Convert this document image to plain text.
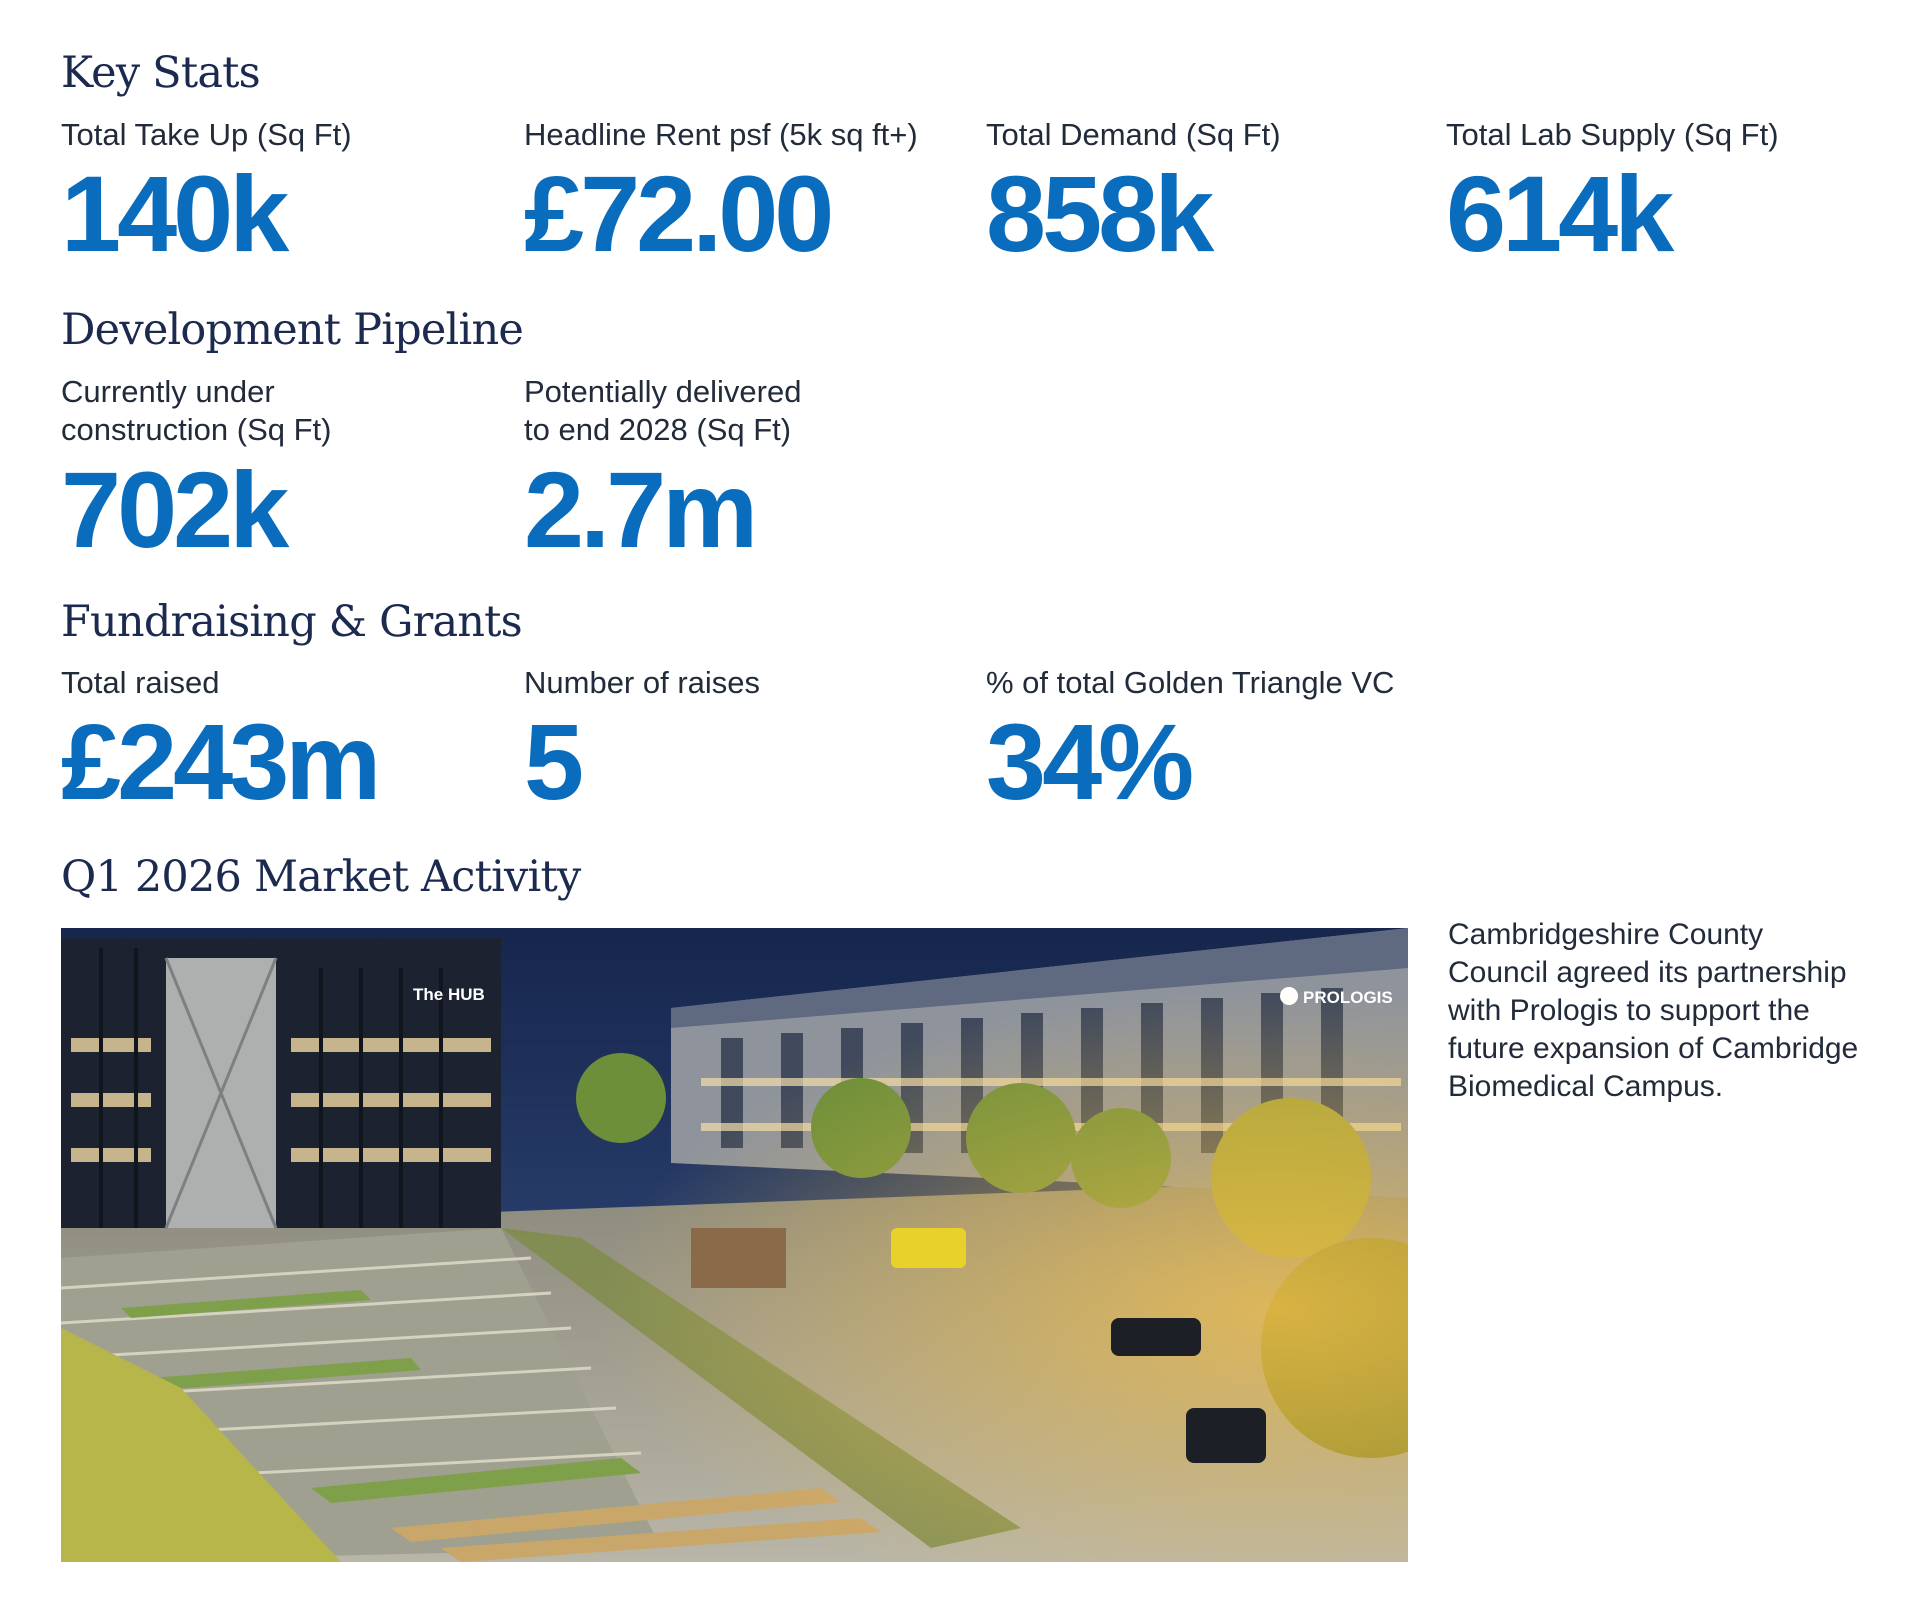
Key Stats
Total Take Up (Sq Ft)
140k
Headline Rent psf (5k sq ft+)
£72.00
Total Demand (Sq Ft)
858k
Total Lab Supply (Sq Ft)
614k
Development Pipeline
Currently under
construction (Sq Ft)
702k
Potentially delivered
to end 2028 (Sq Ft)
2.7m
Fundraising & Grants
Total raised
£243m
Number of raises
5
% of total Golden Triangle VC
34%
Q1 2026 Market Activity
Cambridgeshire County
Council agreed its partnership
with Prologis to support the
future expansion of Cambridge
Biomedical Campus.
